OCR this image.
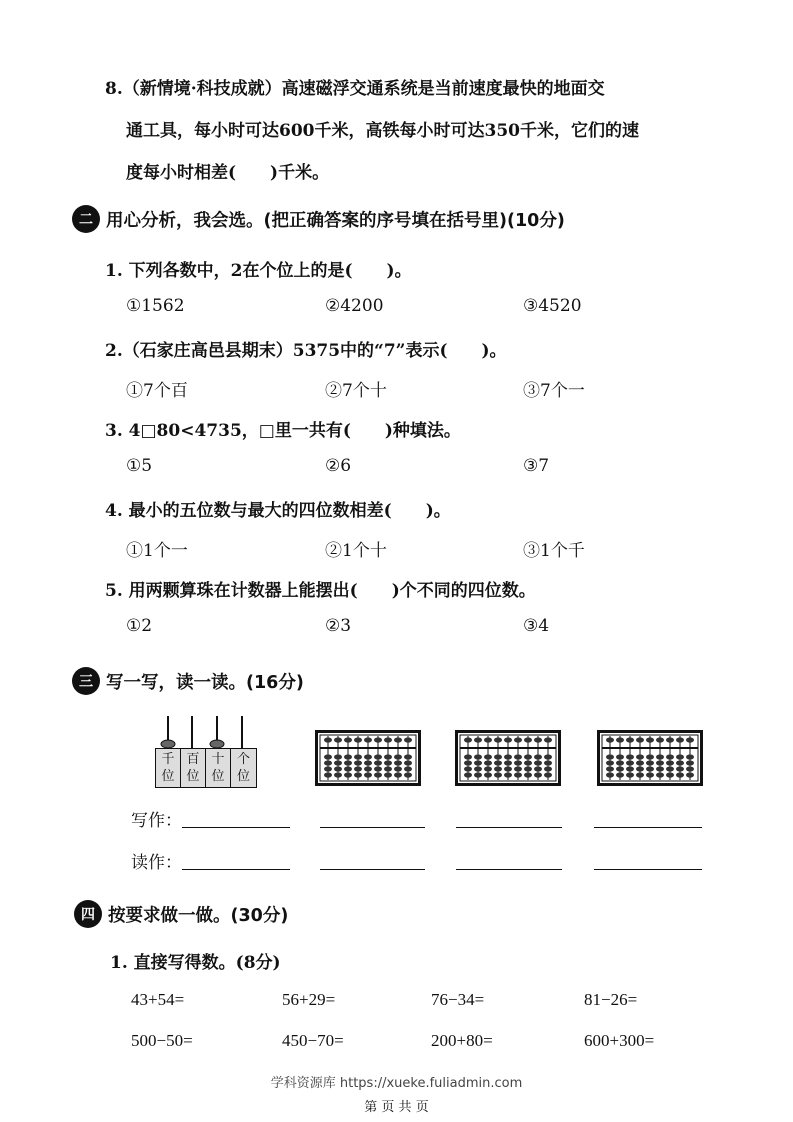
8.（新情境·科技成就）高速磁浮交通系统是当前速度最快的地面交
通工具，每小时可达600千米，高铁每小时可达350千米，它们的速
度每小时相差(　　)千米。
二 用心分析，我会选。(把正确答案的序号填在括号里)(10分)
1. 下列各数中，2在个位上的是(　　)。
①1562	②4200	③4520
2.（石家庄高邑县期末）5375中的“7”表示(　　)。
①7个百	②7个十	③7个一
3. 4□80<4735，□里一共有(　　)种填法。
①5	②6	③7
4. 最小的五位数与最大的四位数相差(　　)。
①1个一	②1个十	③1个千
5. 用两颗算珠在计数器上能摆出(　　)个不同的四位数。
①2	②3	③4
三 写一写，读一读。(16分)
千
位
百
位
十
位
个
位
写作：
读作：
四 按要求做一做。(30分)
1. 直接写得数。(8分)
43+54=	56+29=	76−34=	81−26=
500−50=	450−70=	200+80=	600+300=
学科资源库 https://xueke.fuliadmin.com
第 页 共 页
